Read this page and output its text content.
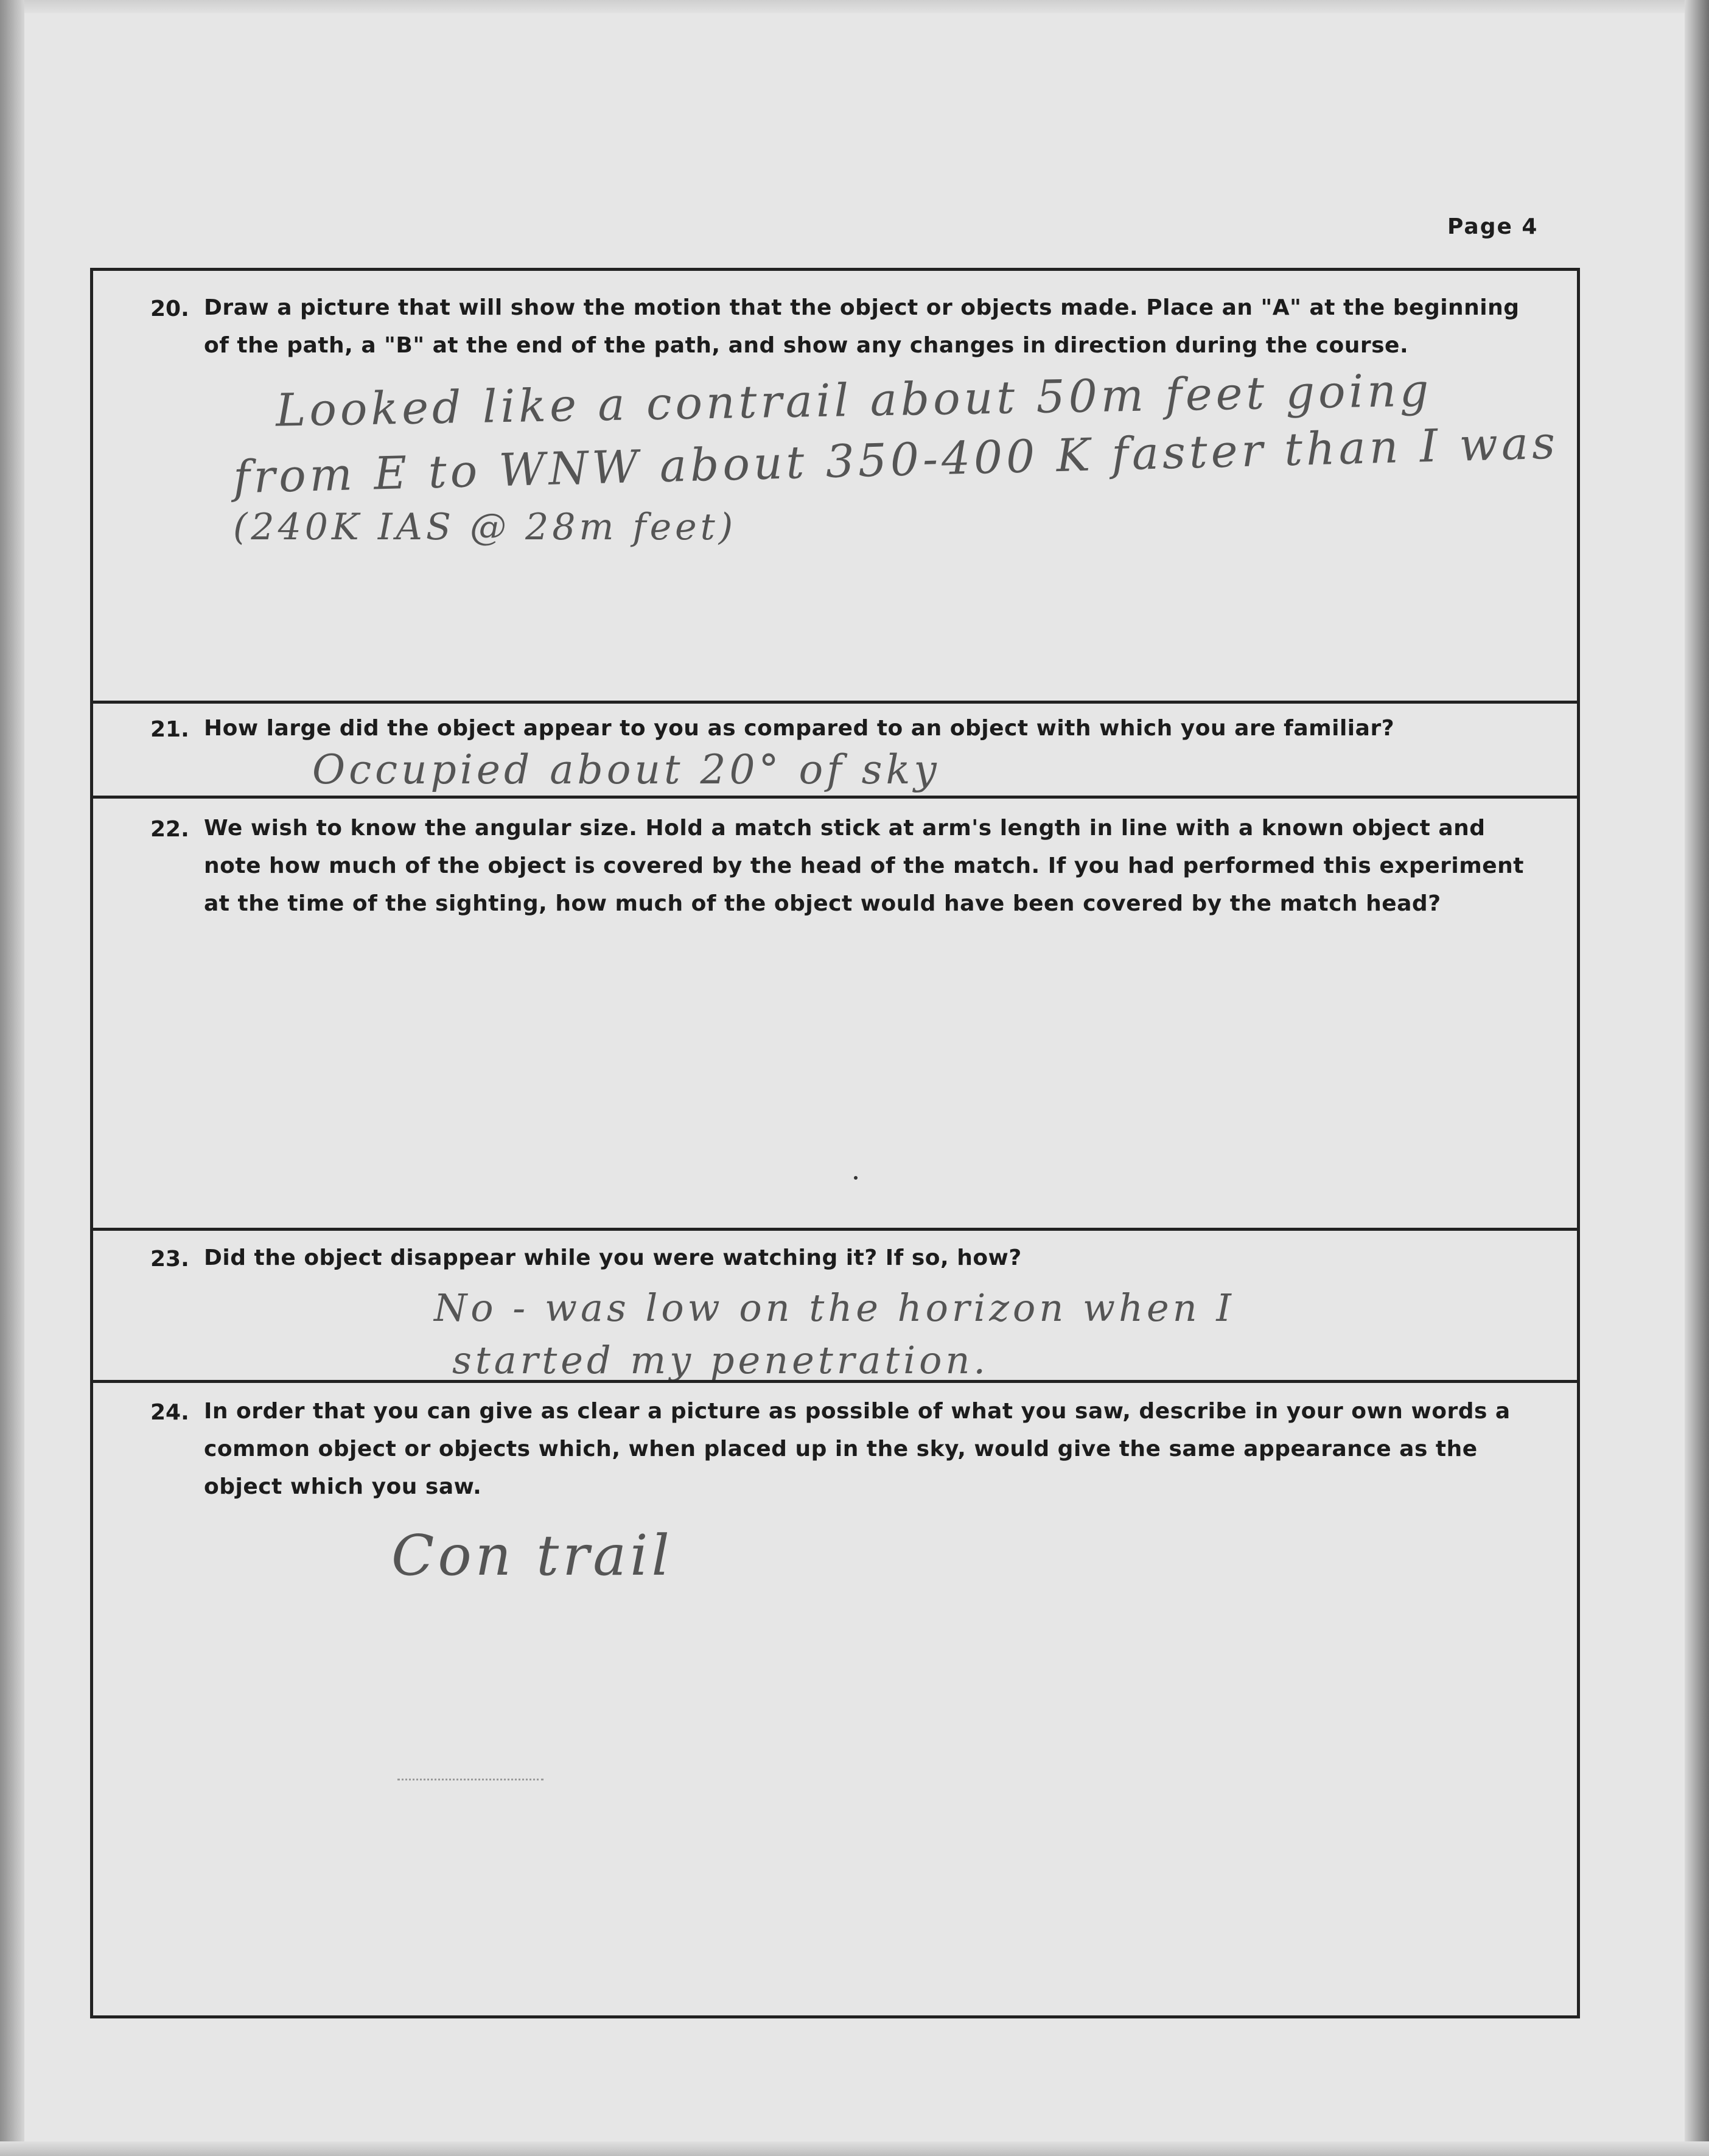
Page 4
20. Draw a picture that will show the motion that the object or objects made. Place an "A" at the beginning of the path, a "B" at the end of the path, and show any changes in direction during the course.
Looked like a contrail about 50m feet going
from E to WNW about 350-400 K faster than I was
(240K IAS @ 28m feet)
21. How large did the object appear to you as compared to an object with which you are familiar?
Occupied about 20° of sky
22. We wish to know the angular size. Hold a match stick at arm's length in line with a known object and note how much of the object is covered by the head of the match. If you had performed this experiment at the time of the sighting, how much of the object would have been covered by the match head?
23. Did the object disappear while you were watching it? If so, how?
No - was low on the horizon when I
started my penetration.
24. In order that you can give as clear a picture as possible of what you saw, describe in your own words a common object or objects which, when placed up in the sky, would give the same appearance as the object which you saw.
Con trail
